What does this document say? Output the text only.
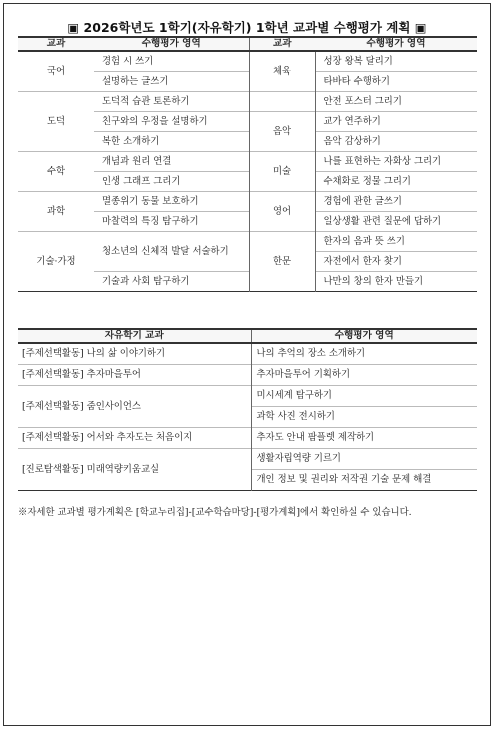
▣ 2026학년도 1학기(자유학기) 1학년 교과별 수행평가 계획 ▣
교과	수행평가 영역	교과	수행평가 영역
국어	경험 시 쓰기	체육	성장 왕복 달리기
	설명하는 글쓰기		타바타 수행하기
도덕	도덕적 습관 토론하기		안전 포스터 그리기
	친구와의 우정을 설명하기	음악	교가 연주하기
	복한 소개하기		음악 감상하기
수학	개념과 원리 연결	미술	나를 표현하는 자화상 그리기
	인생 그래프 그리기		수채화로 정물 그리기
과학	멸종위기 동물 보호하기	영어	경험에 관한 글쓰기
	마찰력의 특징 탐구하기		일상생활 관련 질문에 답하기
기술·가정	청소년의 신체적 발달 서술하기	한문	한자의 음과 뜻 쓰기
			자전에서 한자 찾기
	기술과 사회 탐구하기		나만의 창의 한자 만들기
자유학기 교과	수행평가 영역
[주제선택활동] 나의 삶 이야기하기	나의 추억의 장소 소개하기
[주제선택활동] 추자마을투어	추자마을투어 기획하기
[주제선택활동] 줌인사이언스	미시세계 탐구하기
	과학 사진 전시하기
[주제선택활동] 어서와 추자도는 처음이지	추자도 안내 팜플렛 제작하기
[진로탐색활동] 미래역량키움교실	생활자립역량 기르기
	개인 정보 및 권리와 저작권 기술 문제 해결
※자세한 교과별 평가계획은 [학교누리집]-[교수학습마당]-[평가계획]에서 확인하실 수 있습니다.
